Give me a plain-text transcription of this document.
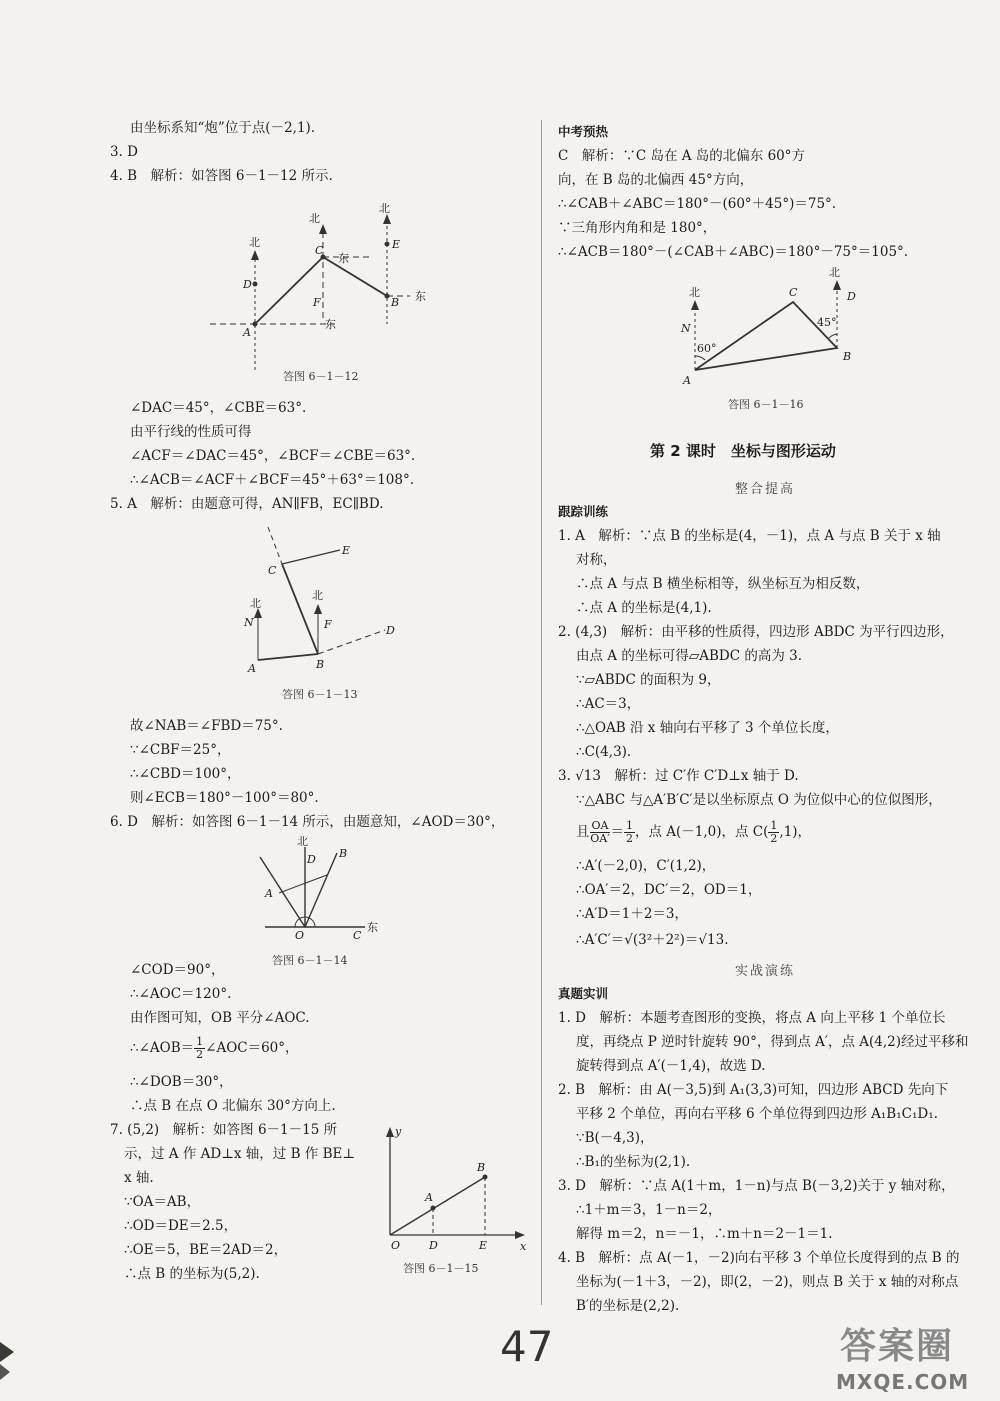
由坐标系知“炮”位于点(－2,1).
3. D
4. B　解析：如答图 6－1－12 所示.
北
北
北
东
东
东
A
B
C
D
E
F
答图 6－1－12
∠DAC＝45°，∠CBE＝63°.
由平行线的性质可得
∠ACF＝∠DAC＝45°，∠BCF＝∠CBE＝63°.
∴∠ACB＝∠ACF＋∠BCF＝45°＋63°＝108°.
5. A　解析：由题意可得，AN∥FB，EC∥BD.
北
北
A	B
C
D
E
F
N
答图 6－1－13
故∠NAB＝∠FBD＝75°.
∵∠CBF＝25°，
∴∠CBD＝100°，
则∠ECB＝180°－100°＝80°.
6. D　解析：如答图 6－1－14 所示，由题意知，∠AOD＝30°，
北
东
O
A
B
C
D
答图 6－1－14
∠COD＝90°，
∴∠AOC＝120°.
由作图可知，OB 平分∠AOC.
∴∠AOB＝ $\frac{1}{2}$ ∠AOC＝60°，
∴∠DOB＝30°，
∴点 B 在点 O 北偏东 30°方向上.
7. (5,2)　解析：如答图 6－1－15 所
示，过 A 作 AD⊥x 轴，过 B 作 BE⊥
x 轴.
∵OA＝AB，
∴OD＝DE＝2.5，
∴OE＝5，BE＝2AD＝2，
∴点 B 的坐标为(5,2).
y
x
O
A
B
D	E
答图 6－1－15
中考预热
C　解析：∵C 岛在 A 岛的北偏东 60°方
向，在 B 岛的北偏西 45°方向，
∴∠CAB＋∠ABC＝180°－(60°＋45°)＝75°.
∵三角形内角和是 180°，
∴∠ACB＝180°－(∠CAB＋∠ABC)＝180°－75°＝105°.
北
北
60°
45°
A
B
C	D
N
答图 6－1－16
第 2 课时　坐标与图形运动
整合提高
跟踪训练
1. A　解析：∵点 B 的坐标是(4，－1)，点 A 与点 B 关于 x 轴
对称，
∴点 A 与点 B 横坐标相等，纵坐标互为相反数，
∴点 A 的坐标是(4,1).
2. (4,3)　解析：由平移的性质得，四边形 ABDC 为平行四边形，
由点 A 的坐标可得▱ABDC 的高为 3.
∵▱ABDC 的面积为 9，
∴AC＝3，
∴△OAB 沿 x 轴向右平移了 3 个单位长度，
∴C(4,3).
3. √13　解析：过 C′作 C′D⊥x 轴于 D.
∵△ABC 与△A′B′C′是以坐标原点 O 为位似中心的位似图形，
且 $\frac{OA}{OA'} = \frac{1}{2}$ ，点 A(－1,0)，点 $C( \frac{1}{2} ,1)$，
∴A′(－2,0)，C′(1,2)，
∴OA′＝2，DC′＝2，OD＝1，
∴A′D＝1＋2＝3，
∴A′C′＝√(3²＋2²)＝√13.
实战演练
真题实训
1. D　解析：本题考查图形的变换，将点 A 向上平移 1 个单位长
度，再绕点 P 逆时针旋转 90°，得到点 A′，点 A(4,2)经过平移和
旋转得到点 A′(－1,4)，故选 D.
2. B　解析：由 A(－3,5)到 A₁(3,3)可知，四边形 ABCD 先向下
平移 2 个单位，再向右平移 6 个单位得到四边形 A₁B₁C₁D₁.
∵B(－4,3)，
∴B₁的坐标为(2,1).
3. D　解析：∵点 A(1＋m，1－n)与点 B(－3,2)关于 y 轴对称，
∴1＋m＝3，1－n＝2，
解得 m＝2，n＝－1，∴m＋n＝2－1＝1.
4. B　解析：点 A(－1，－2)向右平移 3 个单位长度得到的点 B 的
坐标为(－1＋3，－2)，即(2，－2)，则点 B 关于 x 轴的对称点
B′的坐标是(2,2).
47	答案圈
MXQE.COM
